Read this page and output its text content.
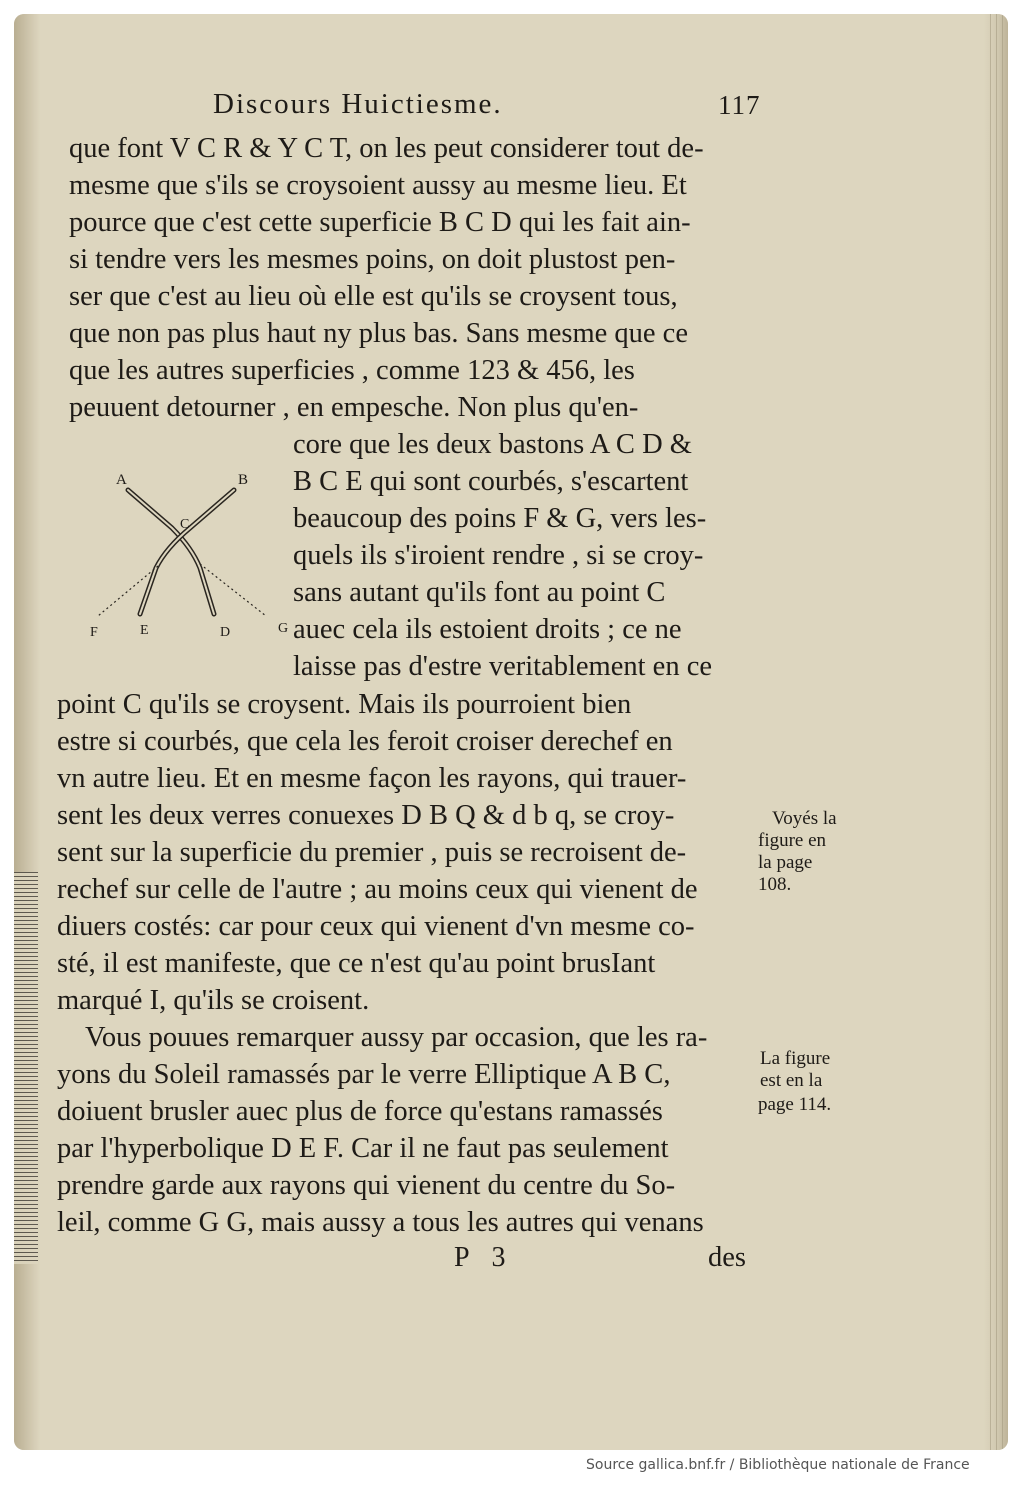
Discours Huictiesme.	117
que font V C R & Y C T, on les peut considerer tout de-
mesme que s'ils se croysoient aussy au mesme lieu. Et
pource que c'est cette superficie B C D qui les fait ain-
si tendre vers les mesmes poins, on doit plustost pen-
ser que c'est au lieu où elle est qu'ils se croysent tous,
que non pas plus haut ny plus bas. Sans mesme que ce
que les autres superficies , comme 123 & 456, les
peuuent detourner , en empesche. Non plus qu'en-
A	B
C
F	E	D	G
core que les deux bastons A C D &
B C E qui sont courbés, s'escartent
beaucoup des poins F & G, vers les-
quels ils s'iroient rendre , si se croy-
sans autant qu'ils font au point C
auec cela ils estoient droits ; ce ne
laisse pas d'estre veritablement en ce
point C qu'ils se croysent. Mais ils pourroient bien
estre si courbés, que cela les feroit croiser derechef en
vn autre lieu. Et en mesme façon les rayons, qui trauer-
sent les deux verres conuexes D B Q & d b q, se croy-
sent sur la superficie du premier , puis se recroisent de-
rechef sur celle de l'autre ; au moins ceux qui vienent de
diuers costés: car pour ceux qui vienent d'vn mesme co-
sté, il est manifeste, que ce n'est qu'au point brusIant
marqué I, qu'ils se croisent.
Vous pouues remarquer aussy par occasion, que les ra-
yons du Soleil ramassés par le verre Elliptique A B C,
doiuent brusler auec plus de force qu'estans ramassés
par l'hyperbolique D E F. Car il ne faut pas seulement
prendre garde aux rayons qui vienent du centre du So-
leil, comme G G, mais aussy a tous les autres qui venans
Voyés la
figure en
la page
108.
La figure
est en la
page 114.
P 3	des
Source gallica.bnf.fr / Bibliothèque nationale de France
